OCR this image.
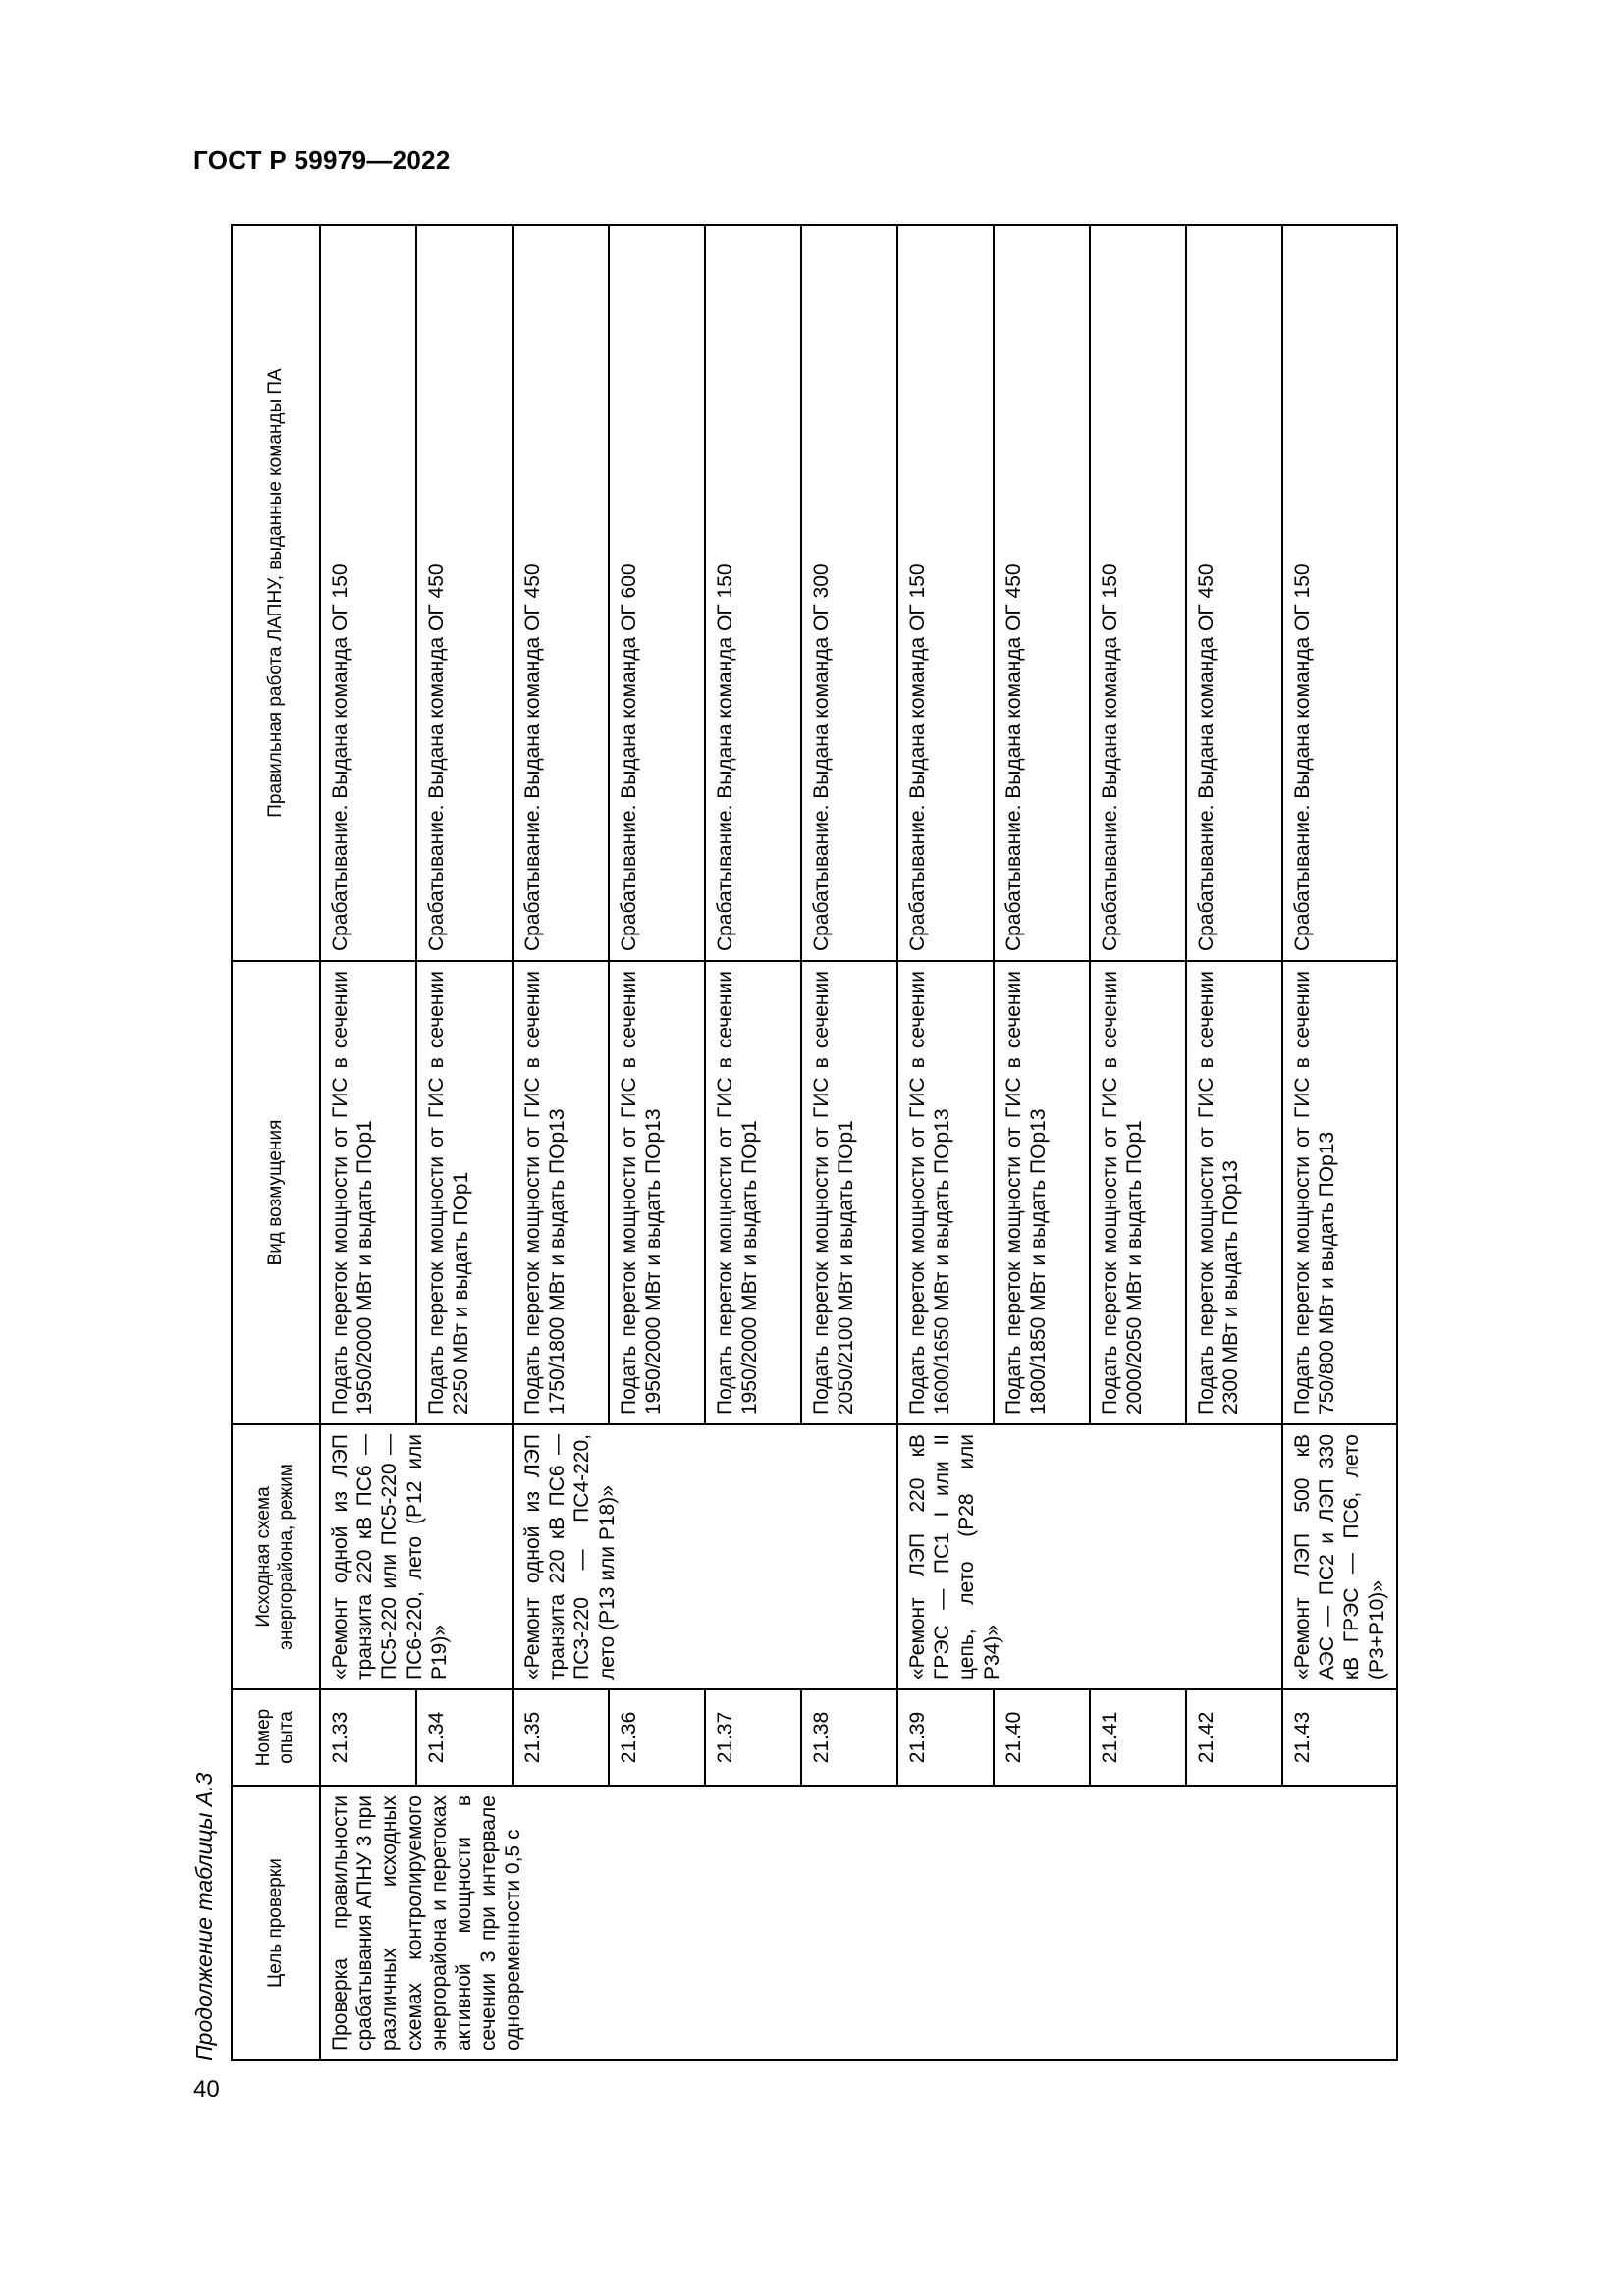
ГОСТ Р 59979—2022
Продолжение таблицы А.3	Цель проверки	Номер опыта	Исходная схема энергорайона, режим	Вид возмущения	Правильная работа ЛАПНУ, выданные команды ПА
Проверка правильности срабатывания АПНУ 3 при различных исходных схемах контролируемого энергорайона и перетоках активной мощности в сечении 3 при интервале одновременности 0,5 с	21.33	«Ремонт одной из ЛЭП транзита 220 кВ ПС6 — ПС5-220 или ПС5-220 — ПС6-220, лето (Р12 или Р19)»	Подать переток мощности от ГИС в сечении 1950/2000 МВт и выдать ПОр1	Срабатывание. Выдана команда ОГ 150
	21.34		Подать переток мощности от ГИС в сечении 2250 МВт и выдать ПОр1	Срабатывание. Выдана команда ОГ 450
	21.35	«Ремонт одной из ЛЭП транзита 220 кВ ПС6 — ПС3-220 — ПС4-220, лето (Р13 или Р18)»	Подать переток мощности от ГИС в сечении 1750/1800 МВт и выдать ПОр13	Срабатывание. Выдана команда ОГ 450
	21.36		Подать переток мощности от ГИС в сечении 1950/2000 МВт и выдать ПОр13	Срабатывание. Выдана команда ОГ 600
	21.37		Подать переток мощности от ГИС в сечении 1950/2000 МВт и выдать ПОр1	Срабатывание. Выдана команда ОГ 150
	21.38		Подать переток мощности от ГИС в сечении 2050/2100 МВт и выдать ПОр1	Срабатывание. Выдана команда ОГ 300
	21.39	«Ремонт ЛЭП 220 кВ ГРЭС — ПС1 I или II цепь, лето (Р28 или Р34)»	Подать переток мощности от ГИС в сечении 1600/1650 МВт и выдать ПОр13	Срабатывание. Выдана команда ОГ 150
	21.40		Подать переток мощности от ГИС в сечении 1800/1850 МВт и выдать ПОр13	Срабатывание. Выдана команда ОГ 450
	21.41		Подать переток мощности от ГИС в сечении 2000/2050 МВт и выдать ПОр1	Срабатывание. Выдана команда ОГ 150
	21.42		Подать переток мощности от ГИС в сечении 2300 МВт и выдать ПОр13	Срабатывание. Выдана команда ОГ 450
	21.43	«Ремонт ЛЭП 500 кВ АЭС — ПС2 и ЛЭП 330 кВ ГРЭС — ПС6, лето (Р3+Р10)»	Подать переток мощности от ГИС в сечении 750/800 МВт и выдать ПОр13	Срабатывание. Выдана команда ОГ 150
40
